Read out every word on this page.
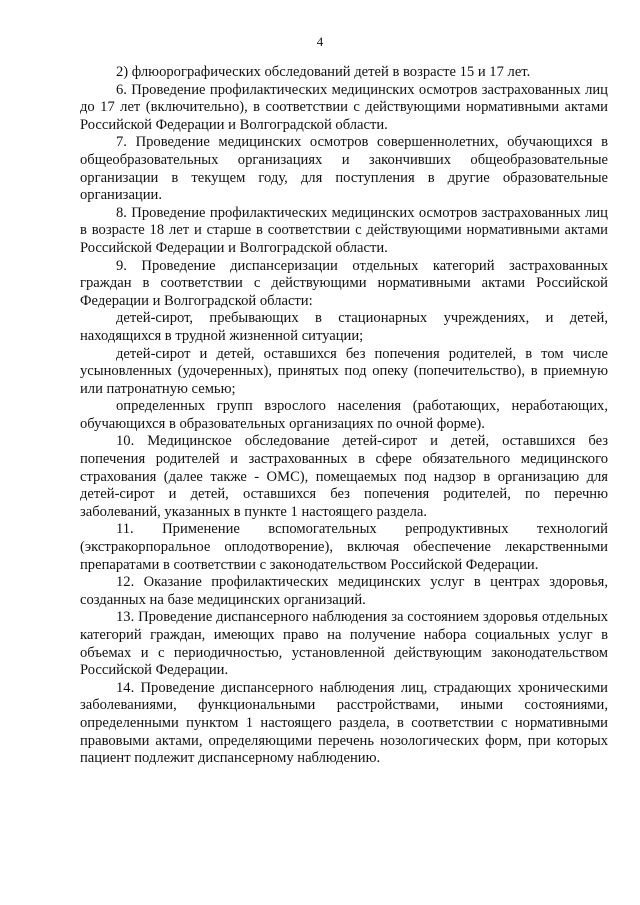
4

2) флюорографических обследований детей в возрасте 15 и 17 лет.

6. Проведение профилактических медицинских осмотров застрахованных лиц до 17 лет (включительно), в соответствии с действующими нормативными актами Российской Федерации и Волгоградской области.

7. Проведение медицинских осмотров совершеннолетних, обучающихся в общеобразовательных организациях и закончивших общеобразовательные организации в текущем году, для поступления в другие образовательные организации.

8. Проведение профилактических медицинских осмотров застрахованных лиц в возрасте 18 лет и старше в соответствии с действующими нормативными актами Российской Федерации и Волгоградской области.

9. Проведение диспансеризации отдельных категорий застрахованных граждан в соответствии с действующими нормативными актами Российской Федерации и Волгоградской области:

детей-сирот, пребывающих в стационарных учреждениях, и детей, находящихся в трудной жизненной ситуации;

детей-сирот и детей, оставшихся без попечения родителей, в том числе усыновленных (удочеренных), принятых под опеку (попечительство), в приемную или патронатную семью;

определенных групп взрослого населения (работающих, неработающих, обучающихся в образовательных организациях по очной форме).

10. Медицинское обследование детей-сирот и детей, оставшихся без попечения родителей и застрахованных в сфере обязательного медицинского страхования (далее также - ОМС), помещаемых под надзор в организацию для детей-сирот и детей, оставшихся без попечения родителей, по перечню заболеваний, указанных в пункте 1 настоящего раздела.

11. Применение вспомогательных репродуктивных технологий (экстракорпоральное оплодотворение), включая обеспечение лекарственными препаратами в соответствии с законодательством Российской Федерации.

12. Оказание профилактических медицинских услуг в центрах здоровья, созданных на базе медицинских организаций.

13. Проведение диспансерного наблюдения за состоянием здоровья отдельных категорий граждан, имеющих право на получение набора социальных услуг в объемах и с периодичностью, установленной действующим законодательством Российской Федерации.

14. Проведение диспансерного наблюдения лиц, страдающих хроническими заболеваниями, функциональными расстройствами, иными состояниями, определенными пунктом 1 настоящего раздела, в соответствии с нормативными правовыми актами, определяющими перечень нозологических форм, при которых пациент подлежит диспансерному наблюдению.
